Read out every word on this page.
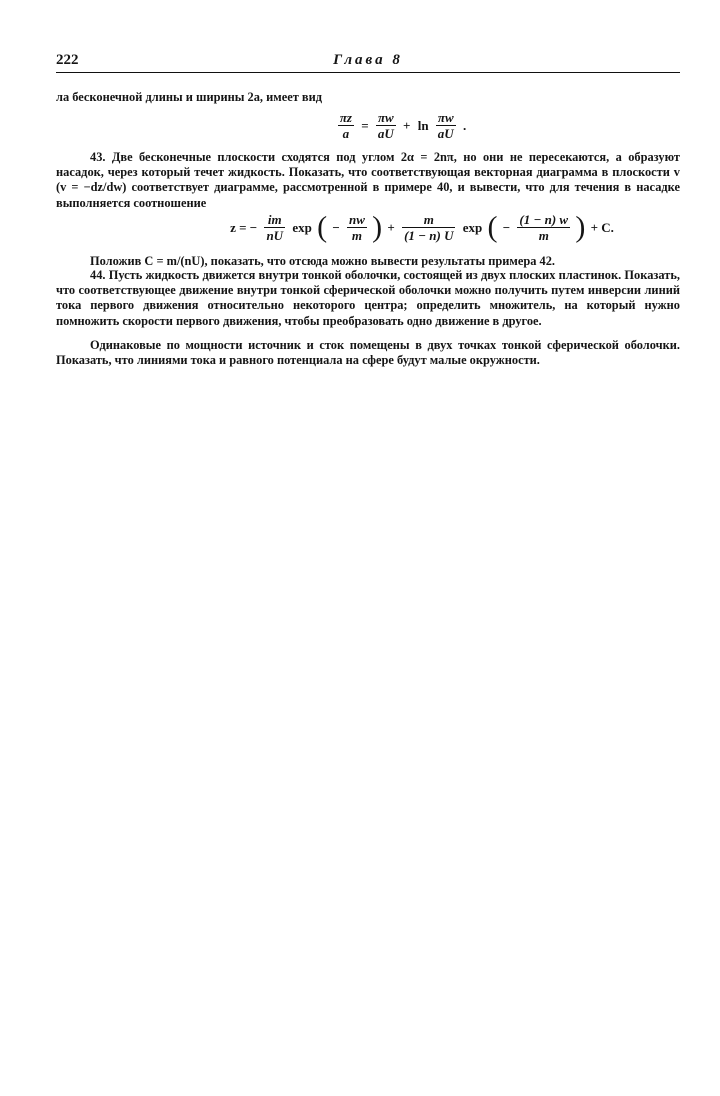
222	Глава 8
ла бесконечной длины и ширины 2a, имеет вид
$\frac{\pi z}{a} = \frac{\pi w}{aU} + \ln \frac{\pi w}{aU}$ .
43. Две бесконечные плоскости сходятся под углом 2α = 2nπ, но они не пересекаются, а образуют насадок, через который течет жидкость. Показать, что соответствующая векторная диаграмма в плоскости v (v = −dz/dw) соответствует диаграмме, рассмотренной в примере 40, и вывести, что для течения в насадке выполняется соотношение
z = − $\frac{im}{nU}$ exp ( − $\frac{nw}{m}$ ) + $\frac{m}{(1 - n) U}$ exp ( − $\frac{(1 - n) w}{m}$ ) + C.
Положив C = m/(nU), показать, что отсюда можно вывести результаты примера 42.
44. Пусть жидкость движется внутри тонкой оболочки, состоящей из двух плоских пластинок. Показать, что соответствующее движение внутри тонкой сферической оболочки можно получить путем инверсии линий тока первого движения относительно некоторого центра; определить множитель, на который нужно помножить скорости первого движения, чтобы преобразовать одно движение в другое.
Одинаковые по мощности источник и сток помещены в двух точках тонкой сферической оболочки. Показать, что линиями тока и равного потенциала на сфере будут малые окружности.
